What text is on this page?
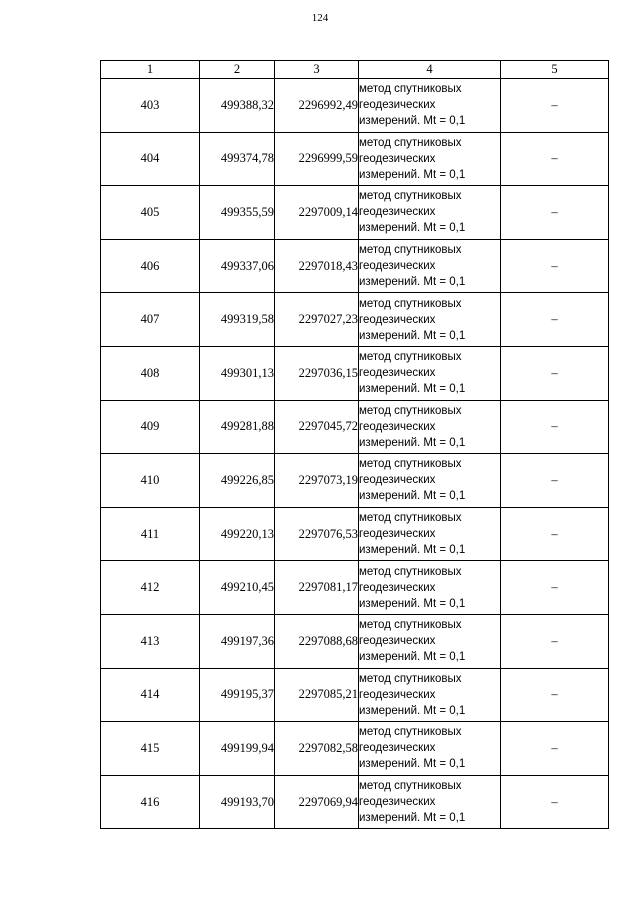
124
1	2	3	4	5
403	499388,32	2296992,49	метод спутниковых
геодезических
измерений. Mt = 0,1	–
404	499374,78	2296999,59	метод спутниковых
геодезических
измерений. Mt = 0,1	–
405	499355,59	2297009,14	метод спутниковых
геодезических
измерений. Mt = 0,1	–
406	499337,06	2297018,43	метод спутниковых
геодезических
измерений. Mt = 0,1	–
407	499319,58	2297027,23	метод спутниковых
геодезических
измерений. Mt = 0,1	–
408	499301,13	2297036,15	метод спутниковых
геодезических
измерений. Mt = 0,1	–
409	499281,88	2297045,72	метод спутниковых
геодезических
измерений. Mt = 0,1	–
410	499226,85	2297073,19	метод спутниковых
геодезических
измерений. Mt = 0,1	–
411	499220,13	2297076,53	метод спутниковых
геодезических
измерений. Mt = 0,1	–
412	499210,45	2297081,17	метод спутниковых
геодезических
измерений. Mt = 0,1	–
413	499197,36	2297088,68	метод спутниковых
геодезических
измерений. Mt = 0,1	–
414	499195,37	2297085,21	метод спутниковых
геодезических
измерений. Mt = 0,1	–
415	499199,94	2297082,58	метод спутниковых
геодезических
измерений. Mt = 0,1	–
416	499193,70	2297069,94	метод спутниковых
геодезических
измерений. Mt = 0,1	–
